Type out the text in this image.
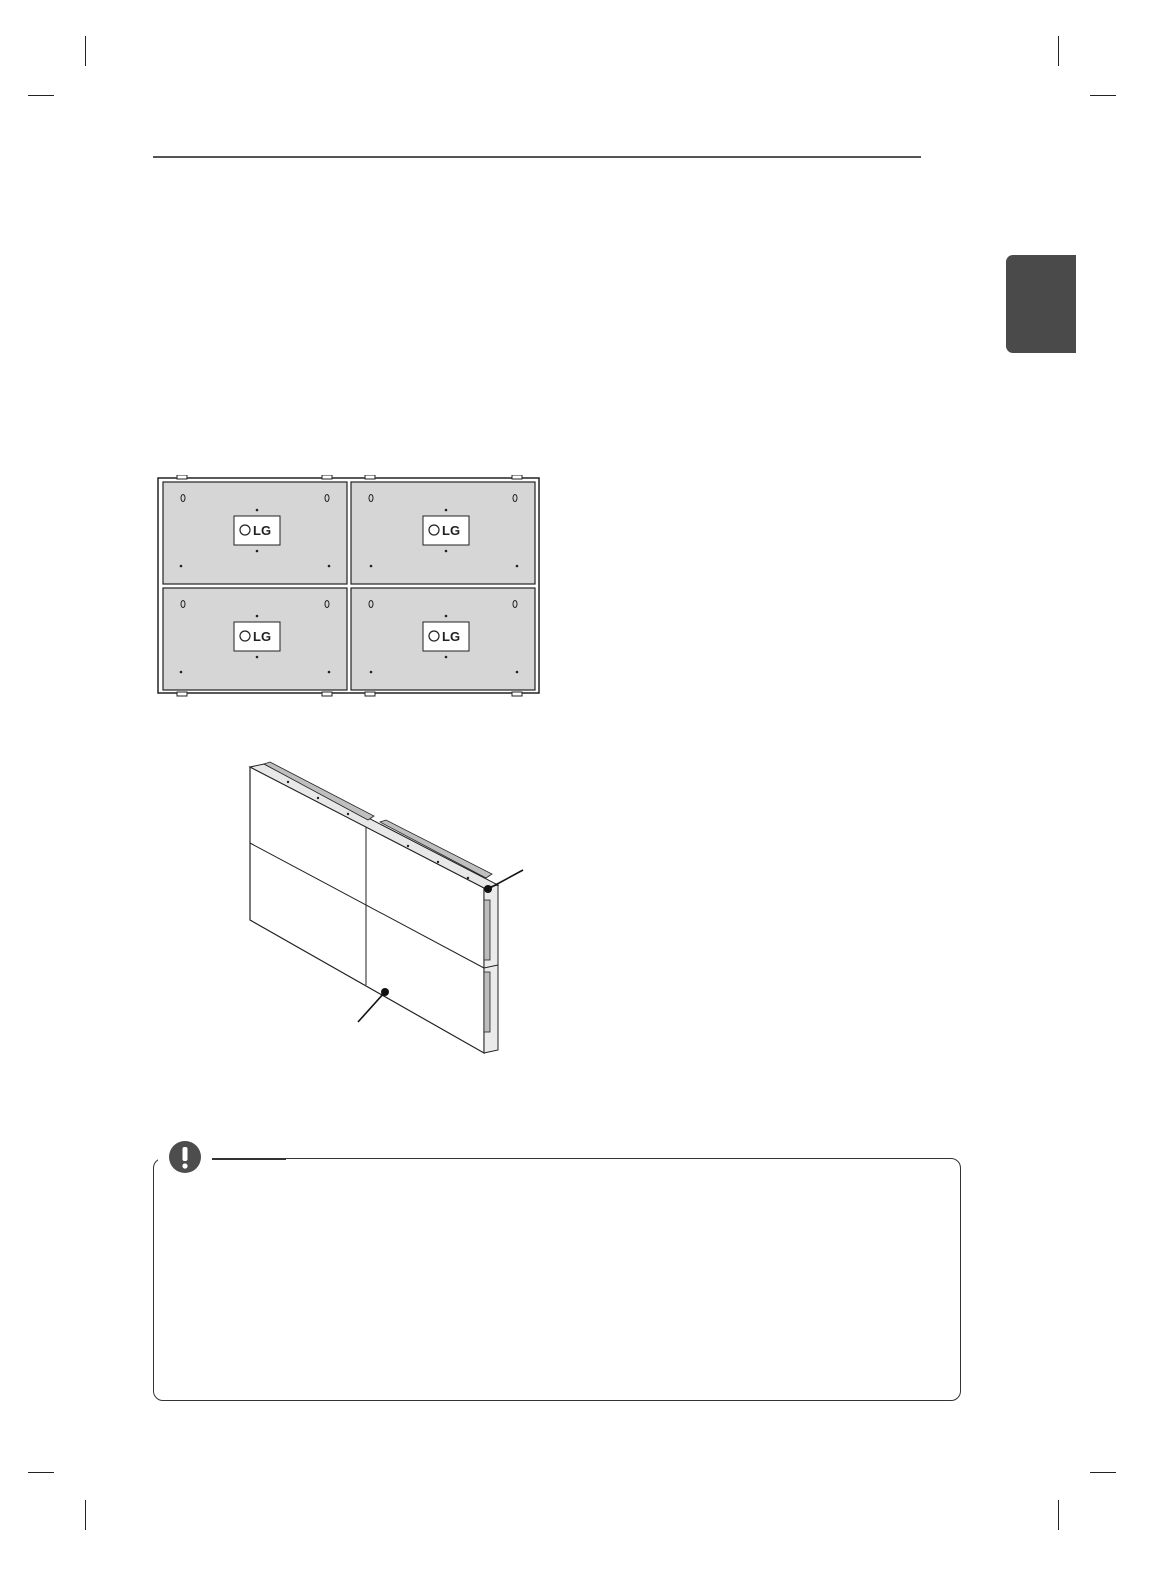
LG	LG
LG	LG
